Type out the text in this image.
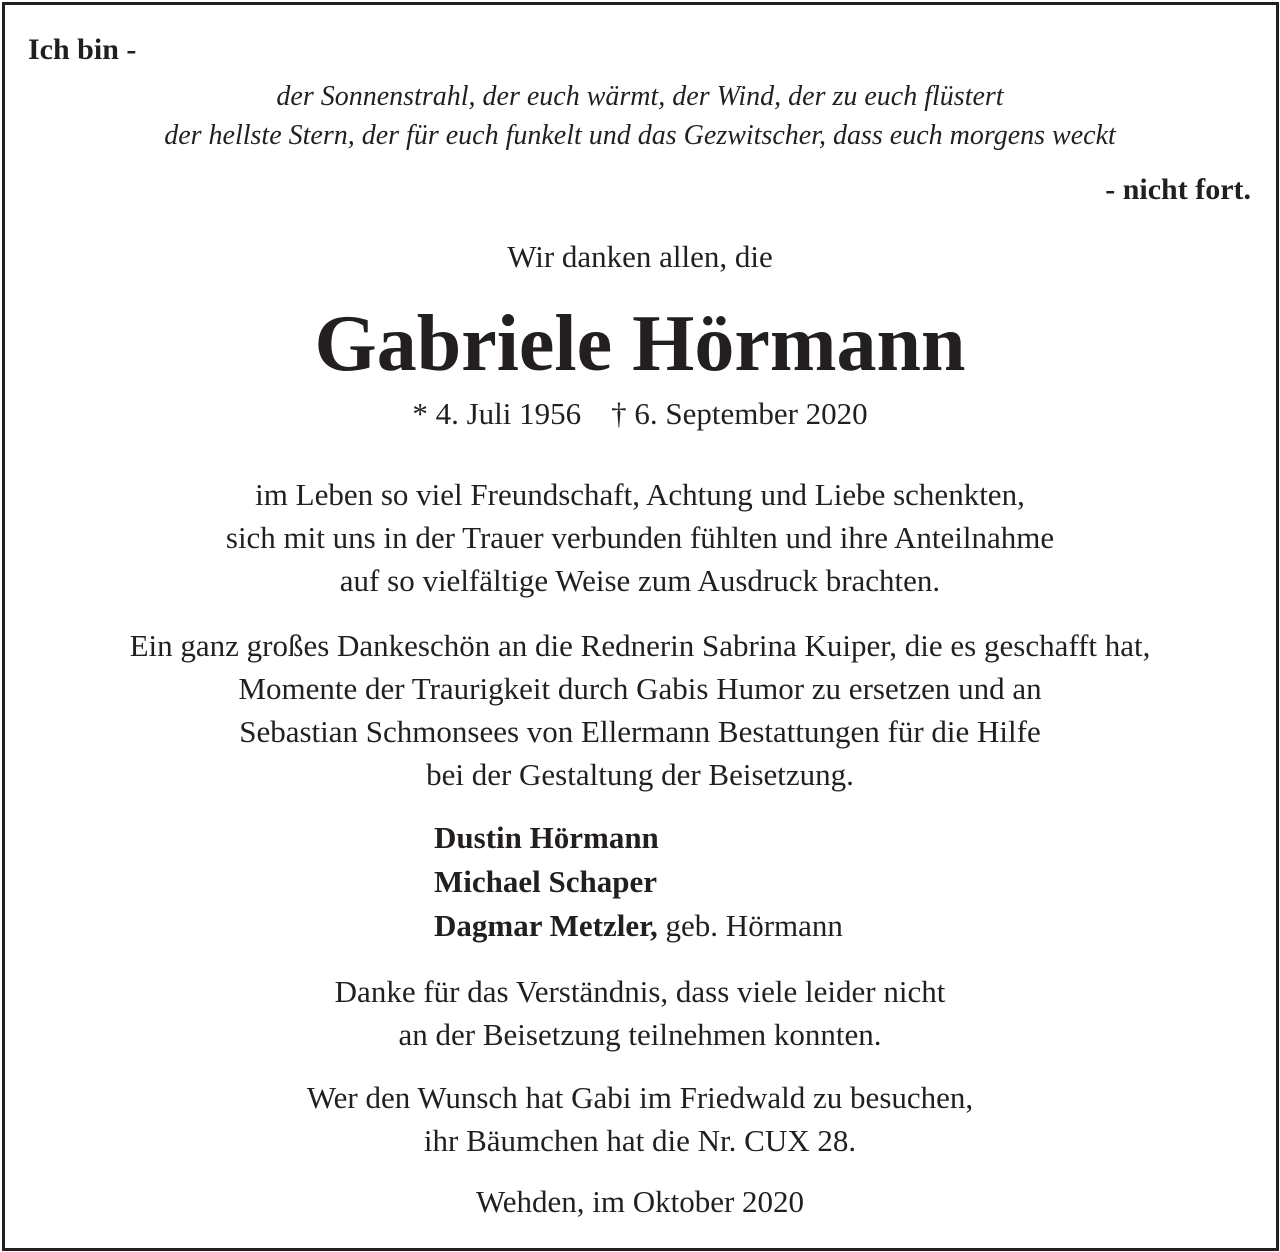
Ich bin -
der Sonnenstrahl, der euch wärmt, der Wind, der zu euch flüstert
der hellste Stern, der für euch funkelt und das Gezwitscher, dass euch morgens weckt
- nicht fort.
Wir danken allen, die
Gabriele Hörmann
* 4. Juli 1956 † 6. September 2020
im Leben so viel Freundschaft, Achtung und Liebe schenkten,
sich mit uns in der Trauer verbunden fühlten und ihre Anteilnahme
auf so vielfältige Weise zum Ausdruck brachten.
Ein ganz großes Dankeschön an die Rednerin Sabrina Kuiper, die es geschafft hat,
Momente der Traurigkeit durch Gabis Humor zu ersetzen und an
Sebastian Schmonsees von Ellermann Bestattungen für die Hilfe
bei der Gestaltung der Beisetzung.
Dustin Hörmann
Michael Schaper
Dagmar Metzler, geb. Hörmann
Danke für das Verständnis, dass viele leider nicht
an der Beisetzung teilnehmen konnten.
Wer den Wunsch hat Gabi im Friedwald zu besuchen,
ihr Bäumchen hat die Nr. CUX 28.
Wehden, im Oktober 2020
